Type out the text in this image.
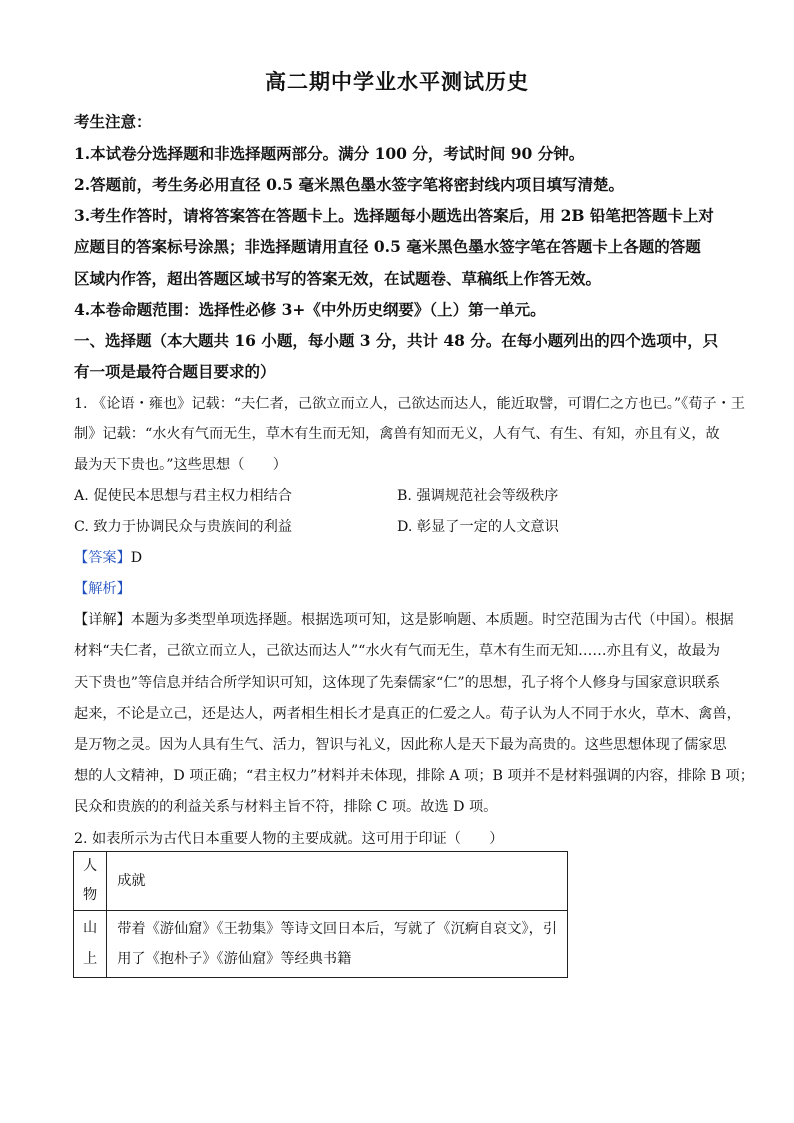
高二期中学业水平测试历史
考生注意：
1.本试卷分选择题和非选择题两部分。满分 100 分，考试时间 90 分钟。
2.答题前，考生务必用直径 0.5 毫米黑色墨水签字笔将密封线内项目填写清楚。
3.考生作答时，请将答案答在答题卡上。选择题每小题选出答案后，用 2B 铅笔把答题卡上对
应题目的答案标号涂黑；非选择题请用直径 0.5 毫米黑色墨水签字笔在答题卡上各题的答题
区域内作答，超出答题区域书写的答案无效，在试题卷、草稿纸上作答无效。
4.本卷命题范围：选择性必修 3+《中外历史纲要》（上）第一单元。
一、选择题（本大题共 16 小题，每小题 3 分，共计 48 分。在每小题列出的四个选项中，只
有一项是最符合题目要求的）
1. 《论语・雍也》记载：“夫仁者，己欲立而立人，己欲达而达人，能近取譬，可谓仁之方也已。”《荀子・王
制》记载：“水火有气而无生，草木有生而无知，禽兽有知而无义，人有气、有生、有知，亦且有义，故
最为天下贵也。”这些思想（　　）
A. 促使民本思想与君主权力相结合	B. 强调规范社会等级秩序
C. 致力于协调民众与贵族间的利益	D. 彰显了一定的人文意识
【答案】D
【解析】
【详解】本题为多类型单项选择题。根据选项可知，这是影响题、本质题。时空范围为古代（中国）。根据
材料“夫仁者，己欲立而立人，己欲达而达人”“水火有气而无生，草木有生而无知……亦且有义，故最为
天下贵也”等信息并结合所学知识可知，这体现了先秦儒家“仁”的思想，孔子将个人修身与国家意识联系
起来，不论是立己，还是达人，两者相生相长才是真正的仁爱之人。荀子认为人不同于水火，草木、禽兽，
是万物之灵。因为人具有生气、活力，智识与礼义，因此称人是天下最为高贵的。这些思想体现了儒家思
想的人文精神，D 项正确；“君主权力”材料并未体现，排除 A 项；B 项并不是材料强调的内容，排除 B 项；
民众和贵族的的利益关系与材料主旨不符，排除 C 项。故选 D 项。
2. 如表所示为古代日本重要人物的主要成就。这可用于印证（　　）
人物	成就
山上	带着《游仙窟》《王勃集》等诗文回日本后，写就了《沉痾自哀文》，引
用了《抱朴子》《游仙窟》等经典书籍
